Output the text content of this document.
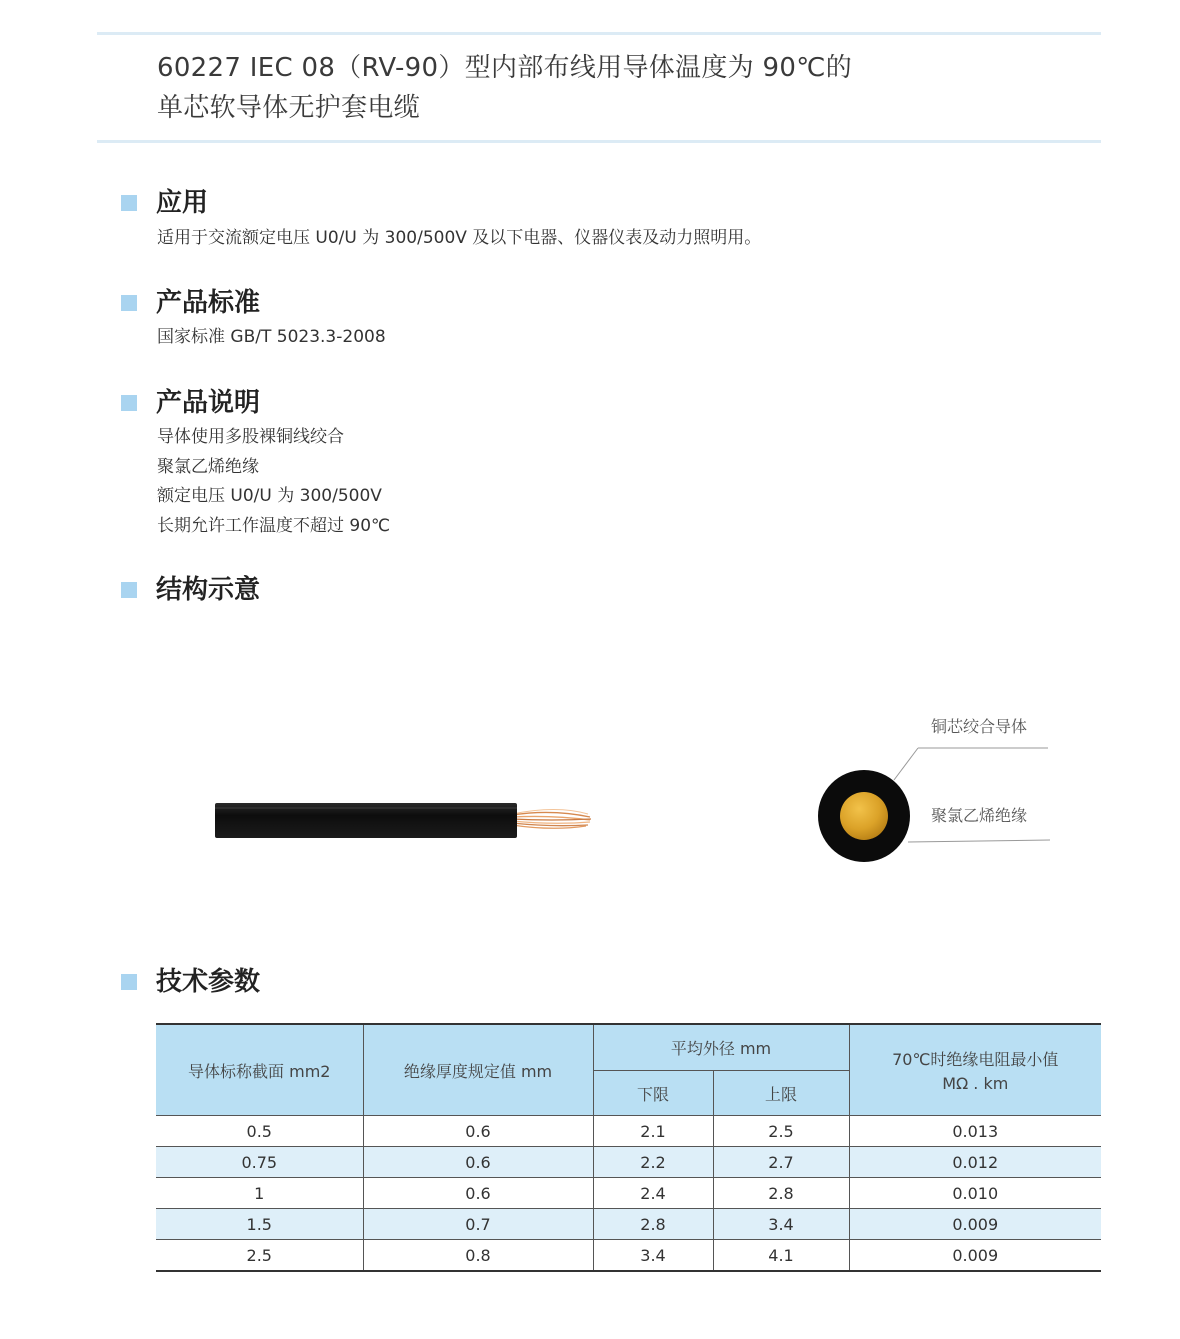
60227 IEC 08（RV-90）型内部布线用导体温度为 90℃的
单芯软导体无护套电缆
应用
适用于交流额定电压 U0/U 为 300/500V 及以下电器、仪器仪表及动力照明用。
产品标准
国家标准 GB/T 5023.3-2008
产品说明
导体使用多股裸铜线绞合
聚氯乙烯绝缘
额定电压 U0/U 为 300/500V
长期允许工作温度不超过 90℃
结构示意
铜芯绞合导体
聚氯乙烯绝缘
技术参数
导体标称截面 mm2	绝缘厚度规定值 mm	平均外径 mm		70℃时绝缘电阻最小值
MΩ . km

		下限	上限	
0.5	0.6	2.1	2.5	0.013
0.75	0.6	2.2	2.7	0.012
1	0.6	2.4	2.8	0.010
1.5	0.7	2.8	3.4	0.009
2.5	0.8	3.4	4.1	0.009
